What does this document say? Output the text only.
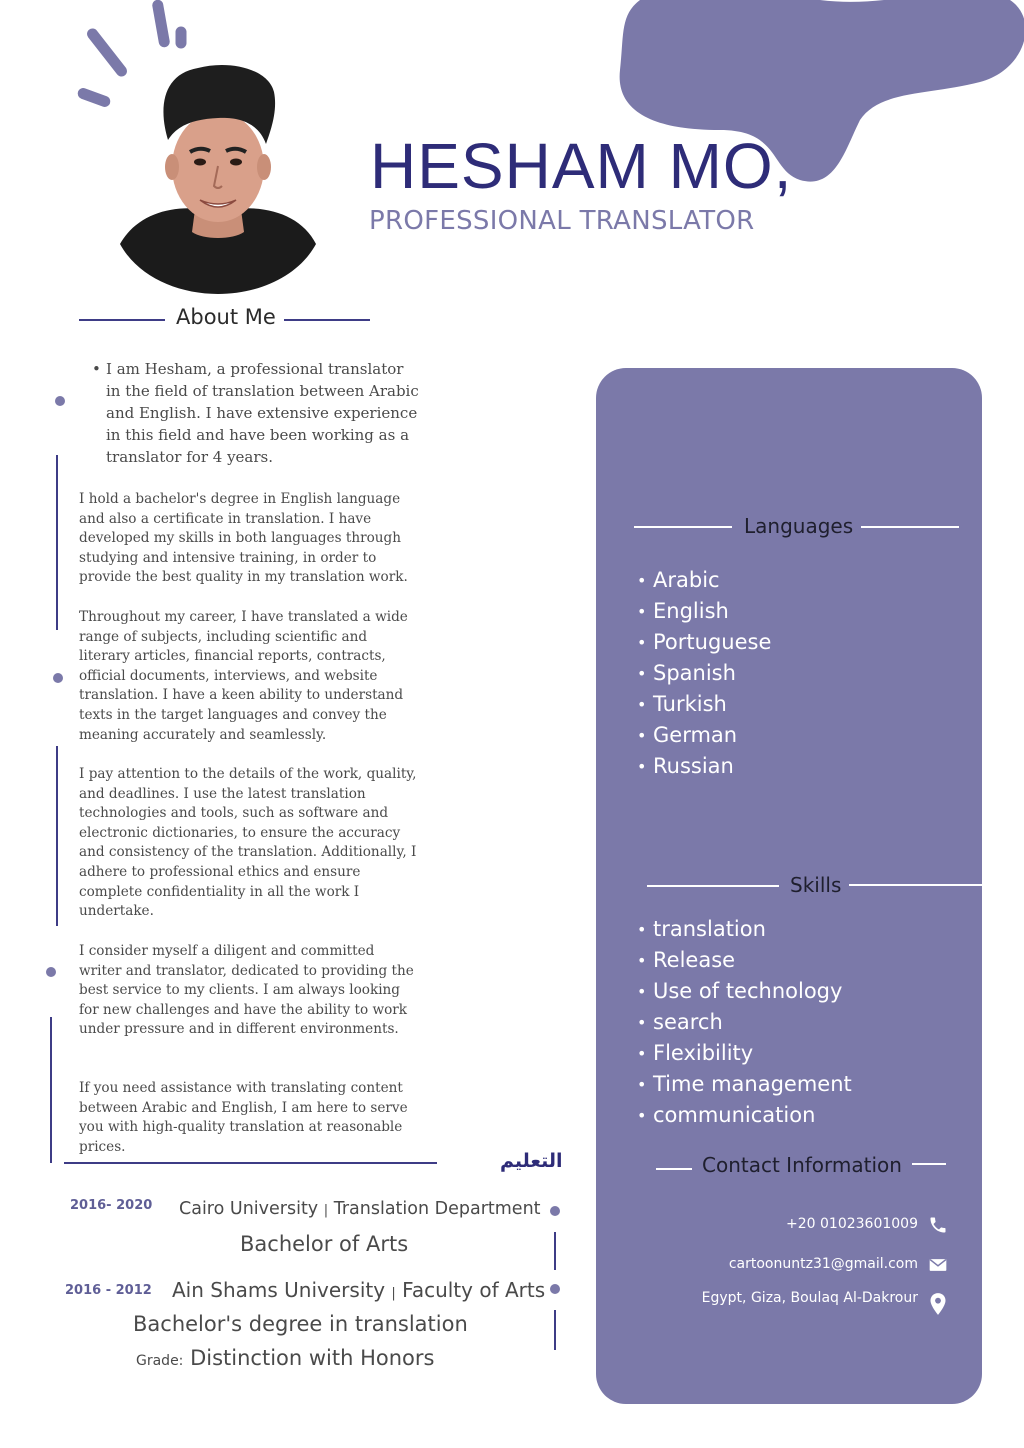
HESHAM MO,
PROFESSIONAL TRANSLATOR
About Me
• I am Hesham, a professional translator in the field of translation between Arabic and English. I have extensive experience in this field and have been working as a translator for 4 years.

I hold a bachelor's degree in English language and also a certificate in translation. I have developed my skills in both languages through studying and intensive training, in order to provide the best quality in my translation work.

Throughout my career, I have translated a wide range of subjects, including scientific and literary articles, financial reports, contracts, official documents, interviews, and website translation. I have a keen ability to understand texts in the target languages and convey the meaning accurately and seamlessly.

I pay attention to the details of the work, quality, and deadlines. I use the latest translation technologies and tools, such as software and electronic dictionaries, to ensure the accuracy and consistency of the translation. Additionally, I adhere to professional ethics and ensure complete confidentiality in all the work I undertake.

I consider myself a diligent and committed writer and translator, dedicated to providing the best service to my clients. I am always looking for new challenges and have the ability to work under pressure and in different environments.

If you need assistance with translating content between Arabic and English, I am here to serve you with high-quality translation at reasonable prices.

Languages
• Arabic
• English
• Portuguese
• Spanish
• Turkish
• German
• Russian
Skills
• translation
• Release
• Use of technology
• search
• Flexibility
• Time management
• communication
Contact Information
+20 01023601009
cartoonuntz31@gmail.com
Egypt, Giza, Boulaq Al-Dakrour
التعليم
2016- 2020 Cairo University | Translation Department
Bachelor of Arts
2016 - 2012 Ain Shams University | Faculty of Arts
Bachelor's degree in translation
Grade: Distinction with Honors
